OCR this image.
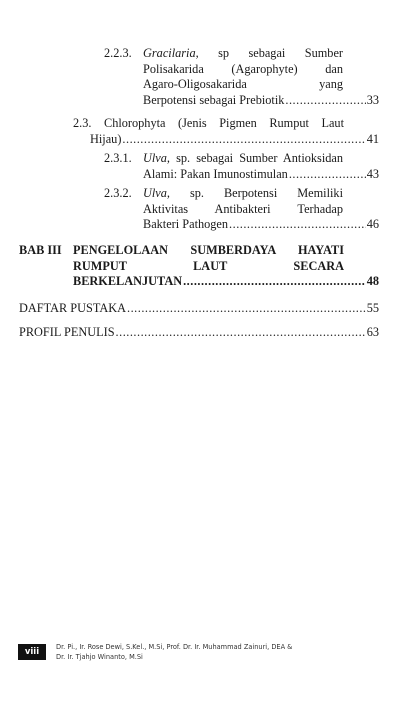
2.2.3. Gracilaria, sp sebagai Sumber
Polisakarida (Agarophyte) dan
Agaro-Oligosakarida yang
Berpotensi sebagai Prebiotik .....	33
2.3. Chlorophyta (Jenis Pigmen Rumput Laut
Hijau) .....	41
2.3.1. Ulva, sp. sebagai Sumber Antioksidan
Alami: Pakan Imunostimulan .....	43
2.3.2. Ulva, sp. Berpotensi Memiliki
Aktivitas Antibakteri Terhadap
Bakteri Pathogen .....	46
BAB III PENGELOLAAN SUMBERDAYA HAYATI
RUMPUT LAUT SECARA
BERKELANJUTAN .....	48
DAFTAR PUSTAKA .....	55
PROFIL PENULIS .....	63
viii	Dr. Pi., Ir. Rose Dewi, S.Kel., M.Si, Prof. Dr. Ir. Muhammad Zainuri, DEA &
Dr. Ir. Tjahjo Winanto, M.Si
